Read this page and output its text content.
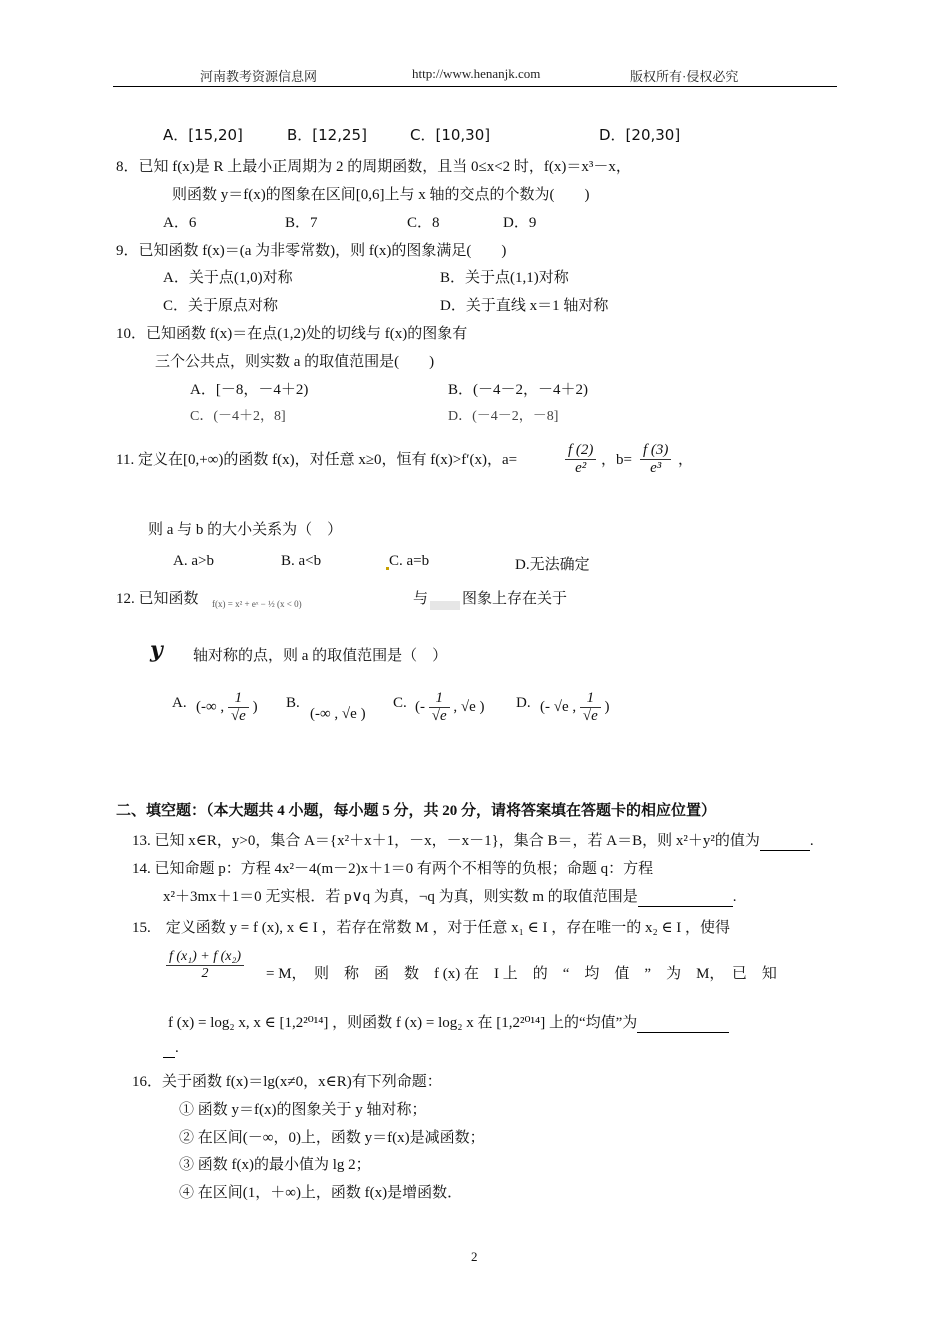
河南教考资源信息网	http://www.henanjk.com	版权所有·侵权必究
A．[15,20]	B．[12,25]	C．[10,30]	D．[20,30]
8．已知 f(x)是 R 上最小正周期为 2 的周期函数，且当 0≤x<2 时，f(x)＝x³－x，
则函数 y＝f(x)的图象在区间[0,6]上与 x 轴的交点的个数为(　　)
A．6	B．7	C．8	D．9
9．已知函数 f(x)＝(a 为非零常数)，则 f(x)的图象满足(　　)
A．关于点(1,0)对称	B．关于点(1,1)对称
C．关于原点对称	D．关于直线 x＝1 轴对称
10．已知函数 f(x)＝在点(1,2)处的切线与 f(x)的图象有
三个公共点，则实数 a 的取值范围是(　　)
A．[－8，－4＋2)	B．(－4－2，－4＋2)
C．(－4＋2，8]	D．(－4－2，－8]
11. 定义在[0,+∞)的函数 f(x)，对任意 x≥0，恒有 f(x)>f′(x)，a=	$\frac{f (2)}{\text{e²}}$ ，$b= \frac{f (3)}{\text{e³}}$ ，
则 a 与 b 的大小关系为（　）
A. a>b	B. a<b	C. a=b	D.无法确定
12. 已知函数 f(x) = x² + eˣ − ½ (x < 0)	与 图象上存在关于
y 轴对称的点，则 a 的取值范围是（　）
A. (-∞ , $\frac{1}{√e}$ ) B.
(-∞ , √e )
C. (- $\frac{1}{√e}$ , √e ) D. (- √e , $\frac{1}{√e}$ )
二、填空题：（本大题共 4 小题，每小题 5 分，共 20 分，请将答案填在答题卡的相应位置）
13. 已知 x∈R，y>0，集合 A＝{x²＋x＋1，－x，－x－1}，集合 B＝，若 A＝B，则 x²＋y²的值为	.
14. 已知命题 p：方程 4x²－4(m－2)x＋1＝0 有两个不相等的负根；命题 q：方程
x²＋3mx＋1＝0 无实根．若 p∨q 为真，¬q 为真，则实数 m 的取值范围是	.
15.　定义函数 y = f (x), x ∈ I ，若存在常数 M ，对于任意 x₁ ∈ I ，存在唯一的 x₂ ∈ I ，使得
$\frac{\text{f (x₁) + f (x₂)}}{2} = M$，　则　称　函　数　f (x) 在　I 上　的　“　均　值　”　为　M，　已　知
f (x) = log₂ x, x ∈ [1,2²⁰¹⁴] ，则函数 f (x) = log₂ x 在 [1,2²⁰¹⁴] 上的“均值”为
.
16．关于函数 f(x)＝lg(x≠0，x∈R)有下列命题：
① 函数 y＝f(x)的图象关于 y 轴对称；
② 在区间(－∞，0)上，函数 y＝f(x)是减函数；
③ 函数 f(x)的最小值为 lg 2；
④ 在区间(1，＋∞)上，函数 f(x)是增函数．
2
